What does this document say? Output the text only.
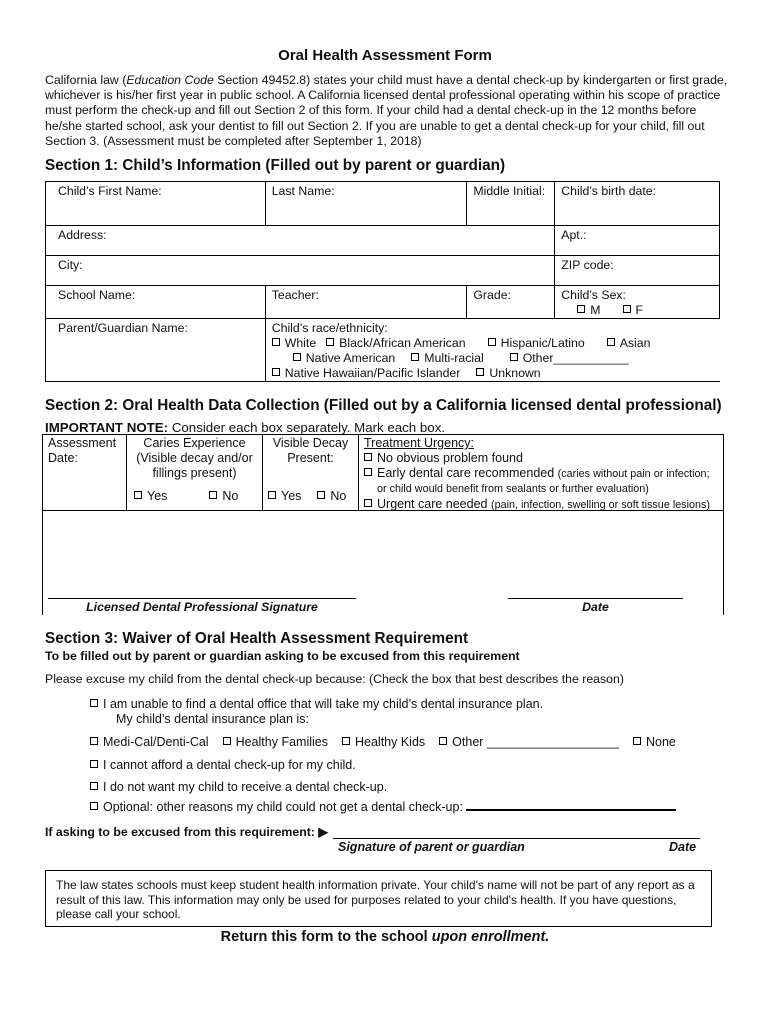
Oral Health Assessment Form
California law (Education Code Section 49452.8) states your child must have a dental check-up by kindergarten or first grade, whichever is his/her first year in public school. A California licensed dental professional operating within his scope of practice must perform the check-up and fill out Section 2 of this form. If your child had a dental check-up in the 12 months before he/she started school, ask your dentist to fill out Section 2. If you are unable to get a dental check-up for your child, fill out Section 3. (Assessment must be completed after September 1, 2018)
Section 1: Child’s Information (Filled out by parent or guardian)
Child’s First Name:	Last Name:	Middle Initial:	Child’s birth date:
Address:			Apt.:
City:			ZIP code:
School Name:	Teacher:	Grade:	Child’s Sex:
M F

Parent/Guardian Name:	Child’s race/ethnicity:
White Black/African American Hispanic/Latino Asian
Native American Multi-racial Other___________
Native Hawaiian/Pacific Islander Unknown		
Section 2: Oral Health Data Collection (Filled out by a California licensed dental professional)
IMPORTANT NOTE: Consider each box separately. Mark each box.
Assessment
Date:
Caries Experience
(Visible decay and/or
fillings present)
Yes	No
Visible Decay
Present:
Yes No
Treatment Urgency:
No obvious problem found
Early dental care recommended (caries without pain or infection;
or child would benefit from sealants or further evaluation)
Urgent care needed (pain, infection, swelling or soft tissue lesions)
Licensed Dental Professional Signature	Date
Section 3: Waiver of Oral Health Assessment Requirement
To be filled out by parent or guardian asking to be excused from this requirement
Please excuse my child from the dental check-up because: (Check the box that best describes the reason)
I am unable to find a dental office that will take my child’s dental insurance plan.
My child’s dental insurance plan is:
Medi-Cal/Denti-Cal Healthy Families Healthy Kids Other ___________________ None
I cannot afford a dental check-up for my child.
I do not want my child to receive a dental check-up.
Optional: other reasons my child could not get a dental check-up:
If asking to be excused from this requirement: ▶
Signature of parent or guardian	Date
The law states schools must keep student health information private. Your child's name will not be part of any report as a result of this law. This information may only be used for purposes related to your child's health. If you have questions, please call your school.
Return this form to the school upon enrollment.
